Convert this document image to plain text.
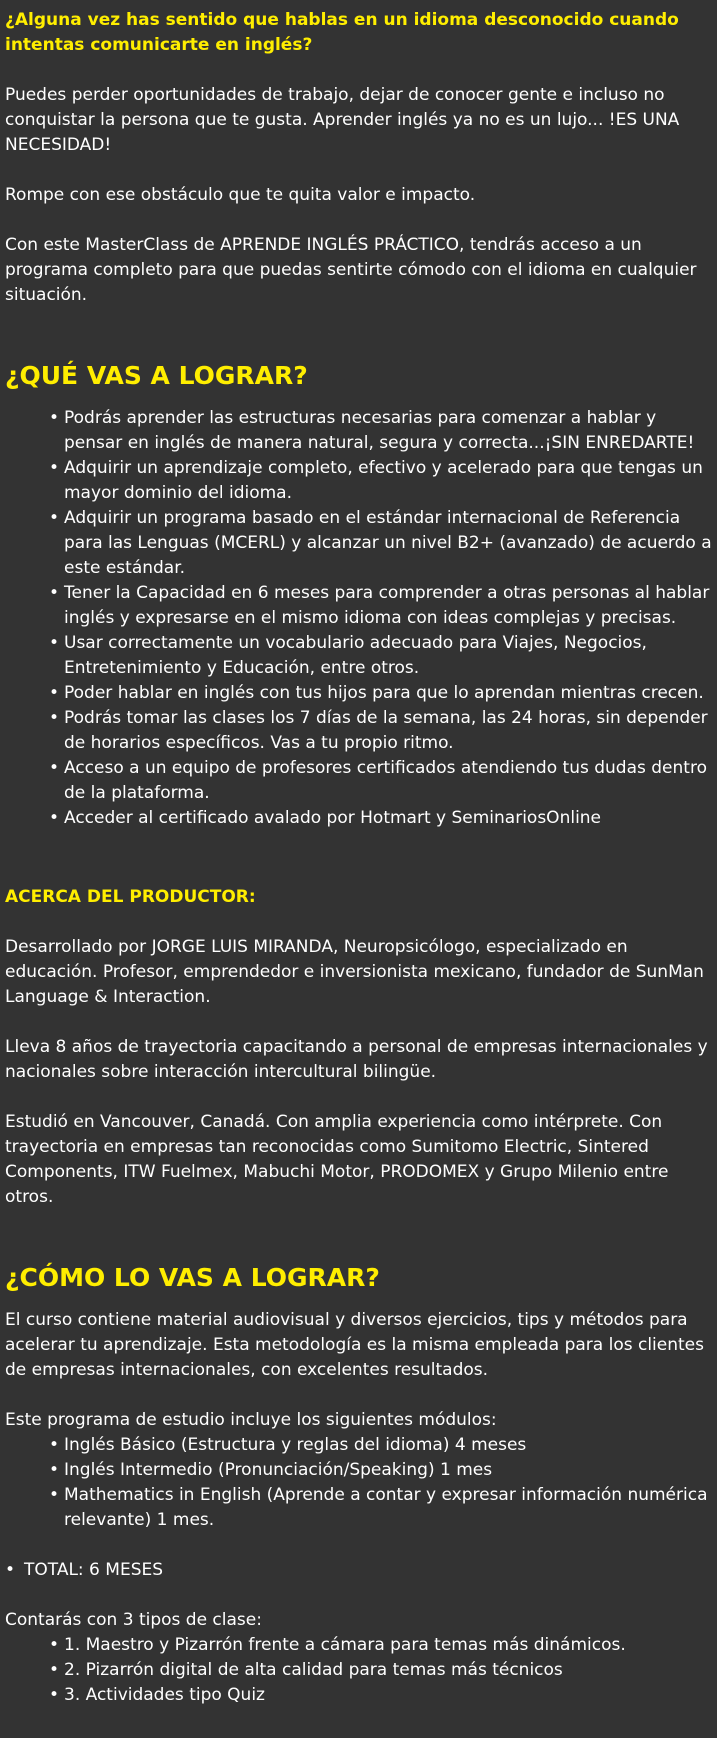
¿Alguna vez has sentido que hablas en un idioma desconocido cuando intentas comunicarte en inglés?

Puedes perder oportunidades de trabajo, dejar de conocer gente e incluso no conquistar la persona que te gusta. Aprender inglés ya no es un lujo... !ES UNA NECESIDAD!

Rompe con ese obstáculo que te quita valor e impacto.

Con este MasterClass de APRENDE INGLÉS PRÁCTICO, tendrás acceso a un programa completo para que puedas sentirte cómodo con el idioma en cualquier situación.

¿QUÉ VAS A LOGRAR?
• Podrás aprender las estructuras necesarias para comenzar a hablar y pensar en inglés de manera natural, segura y correcta...¡SIN ENREDARTE!
• Adquirir un aprendizaje completo, efectivo y acelerado para que tengas un mayor dominio del idioma.
• Adquirir un programa basado en el estándar internacional de Referencia para las Lenguas (MCERL) y alcanzar un nivel B2+ (avanzado) de acuerdo a este estándar.
• Tener la Capacidad en 6 meses para comprender a otras personas al hablar inglés y expresarse en el mismo idioma con ideas complejas y precisas.
• Usar correctamente un vocabulario adecuado para Viajes, Negocios, Entretenimiento y Educación, entre otros.
• Poder hablar en inglés con tus hijos para que lo aprendan mientras crecen.
• Podrás tomar las clases los 7 días de la semana, las 24 horas, sin depender de horarios específicos. Vas a tu propio ritmo.
• Acceso a un equipo de profesores certificados atendiendo tus dudas dentro de la plataforma.
• Acceder al certificado avalado por Hotmart y SeminariosOnline
ACERCA DEL PRODUCTOR:

Desarrollado por JORGE LUIS MIRANDA, Neuropsicólogo, especializado en educación. Profesor, emprendedor e inversionista mexicano, fundador de SunMan Language & Interaction.

Lleva 8 años de trayectoria capacitando a personal de empresas internacionales y nacionales sobre interacción intercultural bilingüe.

Estudió en Vancouver, Canadá. Con amplia experiencia como intérprete. Con trayectoria en empresas tan reconocidas como Sumitomo Electric, Sintered Components, ITW Fuelmex, Mabuchi Motor, PRODOMEX y Grupo Milenio entre otros.

¿CÓMO LO VAS A LOGRAR?

El curso contiene material audiovisual y diversos ejercicios, tips y métodos para acelerar tu aprendizaje. Esta metodología es la misma empleada para los clientes de empresas internacionales, con excelentes resultados.

Este programa de estudio incluye los siguientes módulos:

• Inglés Básico (Estructura y reglas del idioma) 4 meses
• Inglés Intermedio (Pronunciación/Speaking) 1 mes
• Mathematics in English (Aprende a contar y expresar información numérica relevante) 1 mes.

• TOTAL: 6 MESES

Contarás con 3 tipos de clase:

• 1. Maestro y Pizarrón frente a cámara para temas más dinámicos.
• 2. Pizarrón digital de alta calidad para temas más técnicos
• 3. Actividades tipo Quiz
